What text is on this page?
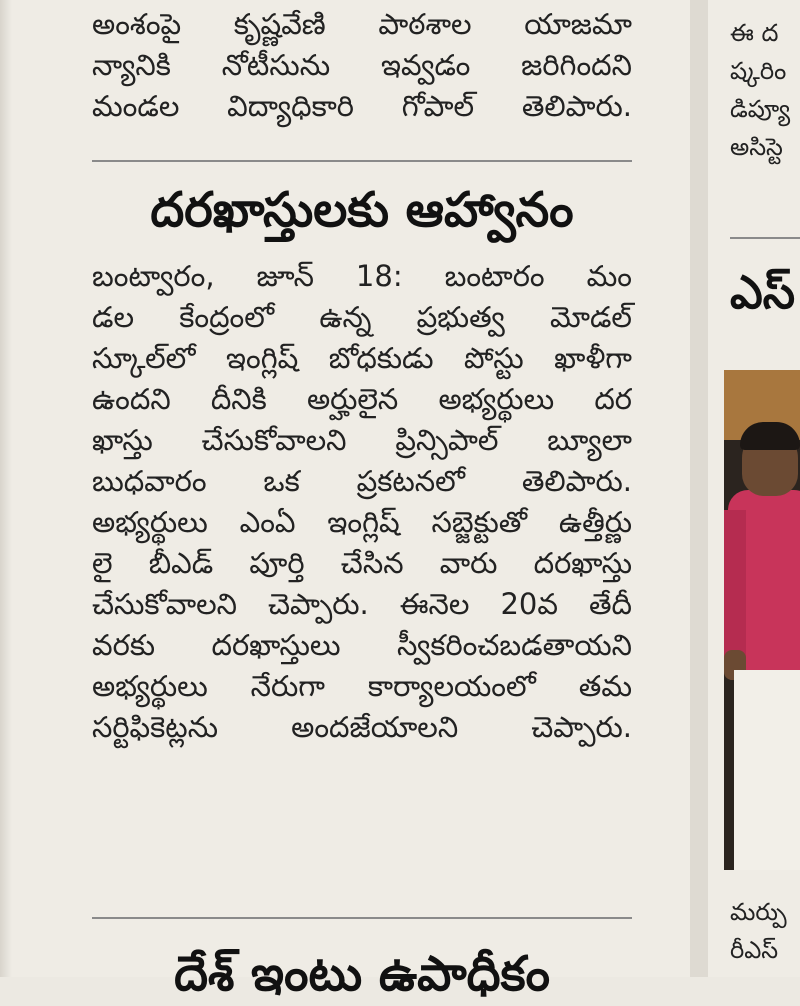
అంశంపై కృష్ణవేణి పాఠశాల యాజమా
న్యానికి నోటీసును ఇవ్వడం జరిగిందని
మండల విద్యాధికారి గోపాల్ తెలిపారు.
దరఖాస్తులకు ఆహ్వానం
బంట్వారం, జూన్ 18: బంటారం మం
డల కేంద్రంలో ఉన్న ప్రభుత్వ మోడల్
స్కూల్‌లో ఇంగ్లిష్ బోధకుడు పోస్టు ఖాళీగా
ఉందని దీనికి అర్హులైన అభ్యర్థులు దర
ఖాస్తు చేసుకోవాలని ప్రిన్సిపాల్ బ్యూలా
బుధవారం ఒక ప్రకటనలో తెలిపారు.
అభ్యర్థులు ఎంఏ ఇంగ్లిష్ సబ్జెక్టుతో ఉత్తీర్ణు
లై బీఎడ్ పూర్తి చేసిన వారు దరఖాస్తు
చేసుకోవాలని చెప్పారు. ఈనెల 20వ తేదీ
వరకు దరఖాస్తులు స్వీకరించబడతాయని
అభ్యర్థులు నేరుగా కార్యాలయంలో తమ
సర్టిఫికెట్లను అందజేయాలని చెప్పారు.
దేశ్ ఇంటు ఉపాధీకం
ఈ ద
ష్కరిం
డిప్యూ
అసిస్టె
ఎస్
మర్పు
రీఎస్
